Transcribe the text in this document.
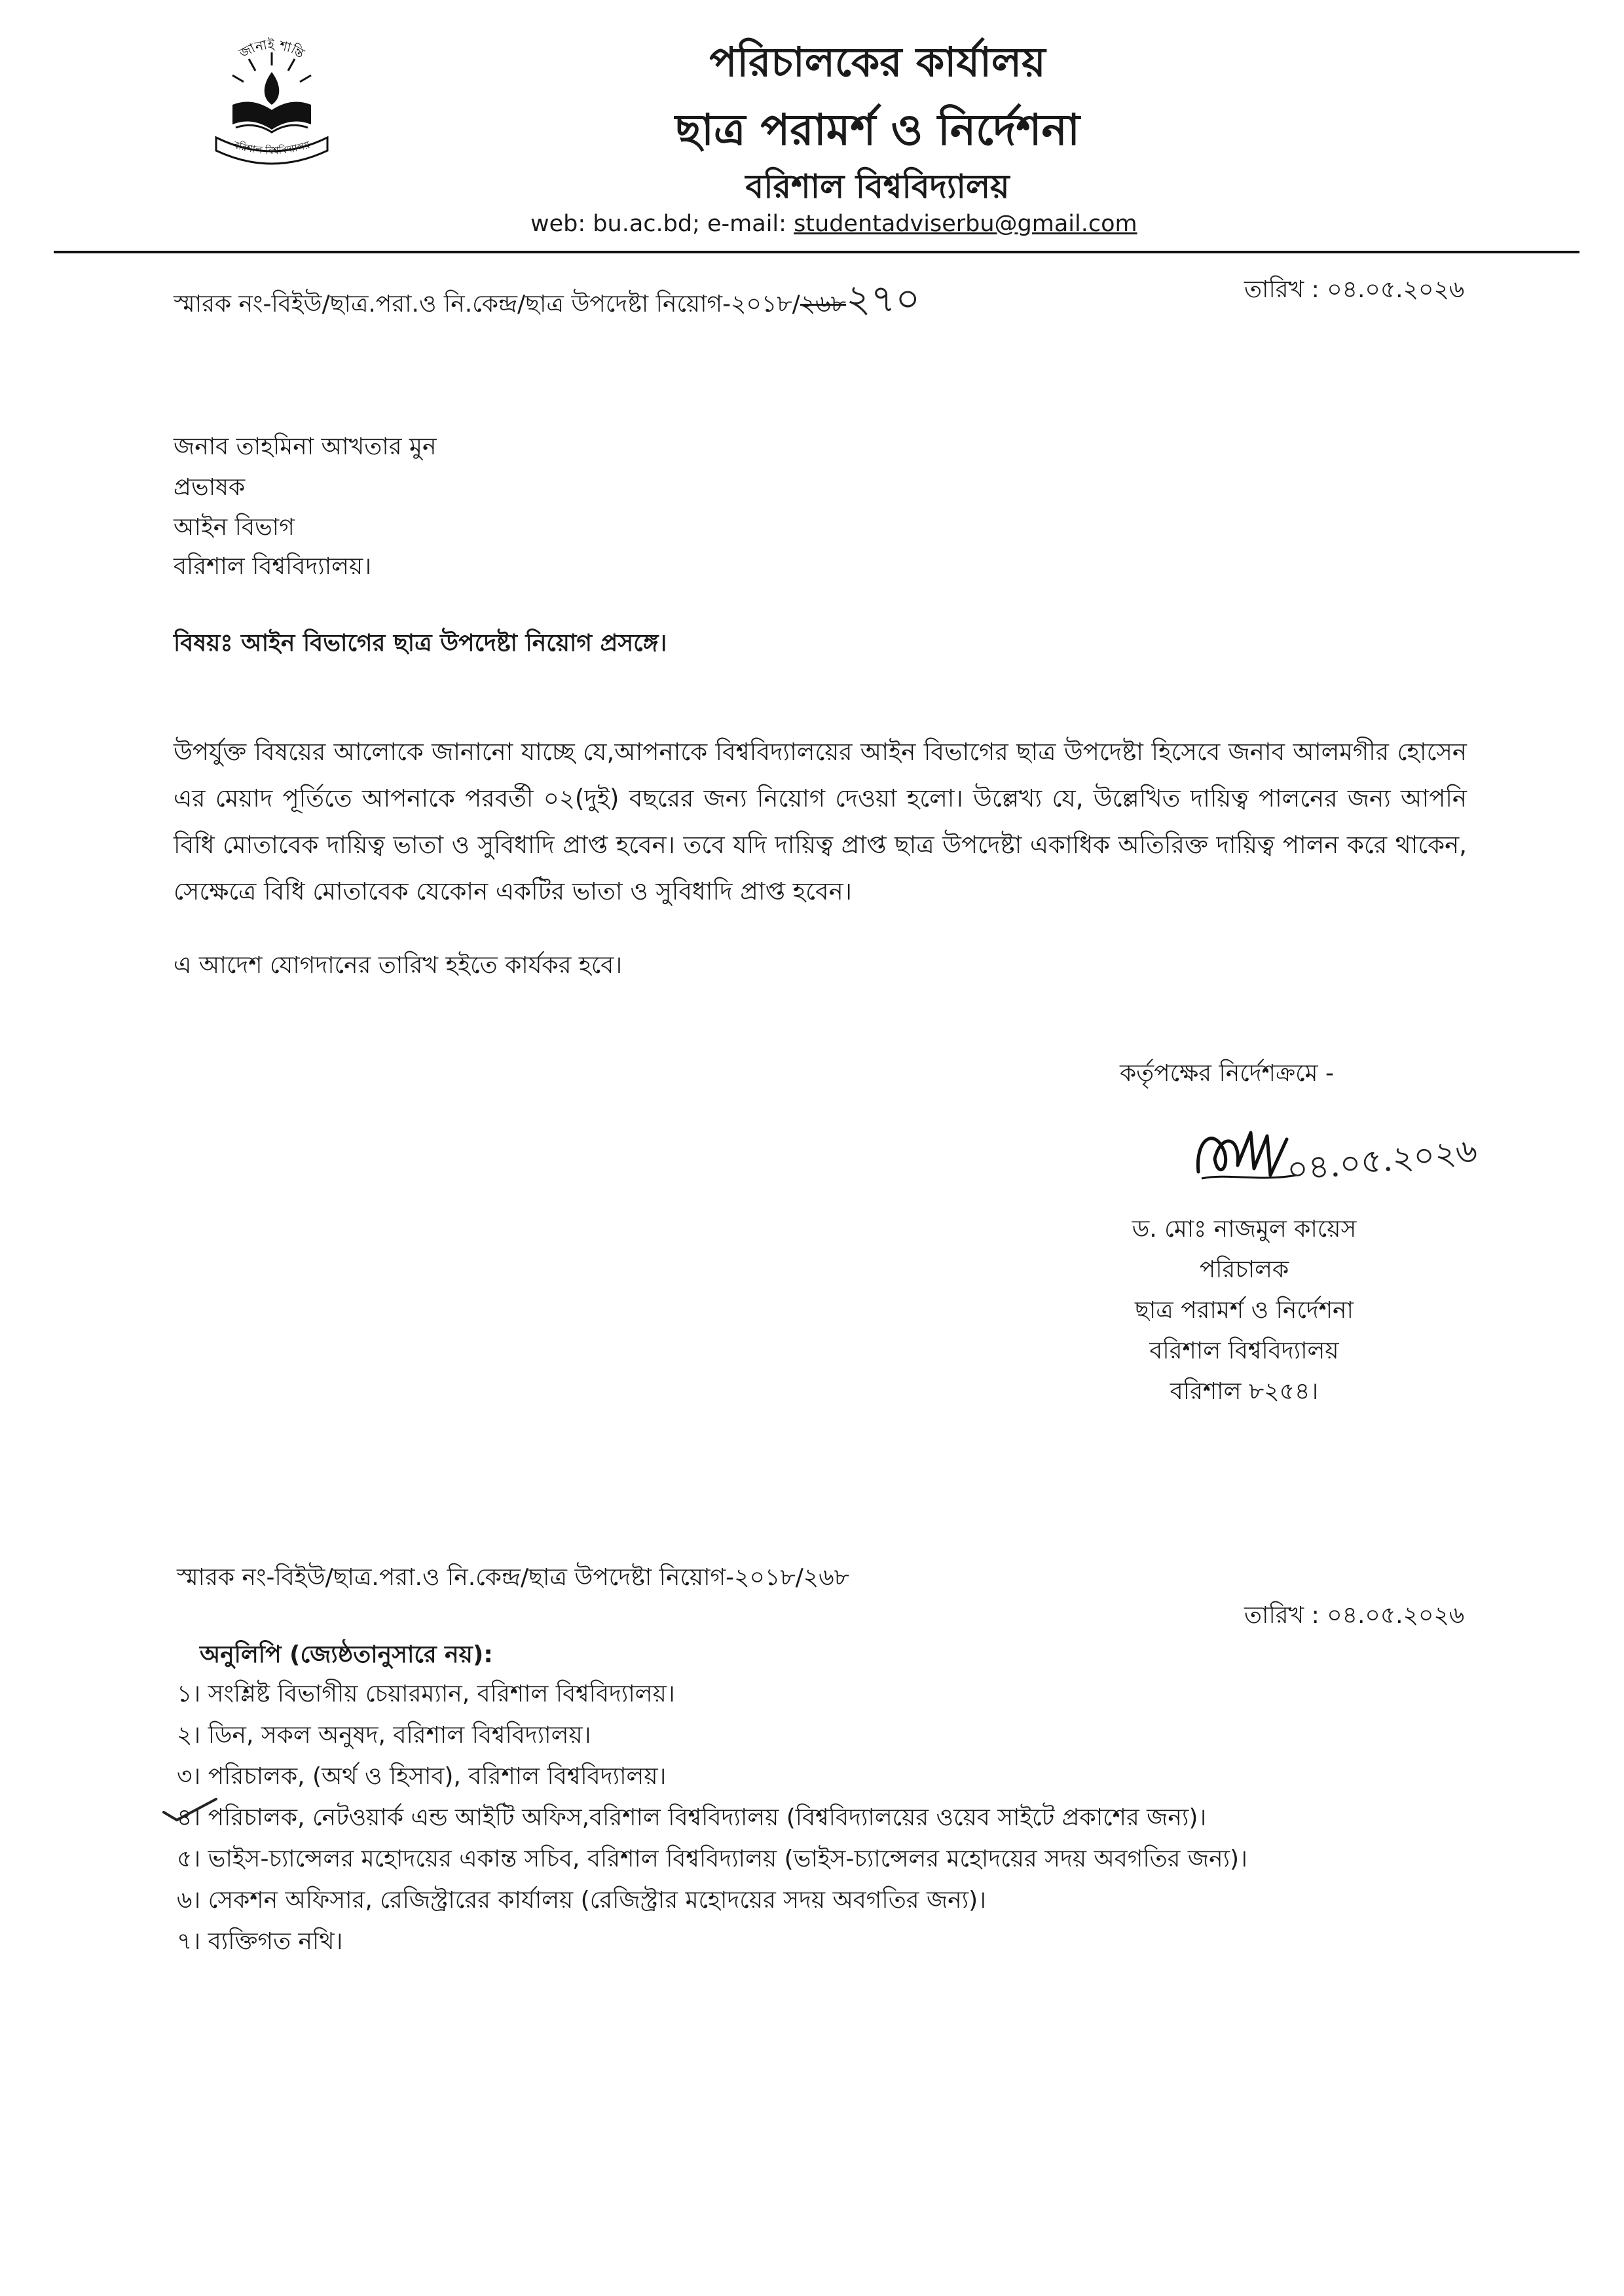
জানাই শান্তি
বরিশাল বিশ্ববিদ্যালয়
পরিচালকের কার্যালয়
ছাত্র পরামর্শ ও নির্দেশনা
বরিশাল বিশ্ববিদ্যালয়
web: bu.ac.bd; e-mail: studentadviserbu@gmail.com
স্মারক নং-বিইউ/ছাত্র.পরা.ও নি.কেন্দ্র/ছাত্র উপদেষ্টা নিয়োগ-২০১৮/২৬৮২৭০	তারিখ : ০৪.০৫.২০২৬
জনাব তাহমিনা আখতার মুন
প্রভাষক
আইন বিভাগ
বরিশাল বিশ্ববিদ্যালয়।
বিষয়ঃ আইন বিভাগের ছাত্র উপদেষ্টা নিয়োগ প্রসঙ্গে।
উপর্যুক্ত বিষয়ের আলোকে জানানো যাচ্ছে যে,আপনাকে বিশ্ববিদ্যালয়ের আইন বিভাগের ছাত্র উপদেষ্টা হিসেবে জনাব আলমগীর হোসেন এর মেয়াদ পূর্তিতে আপনাকে পরবর্তী ০২(দুই) বছরের জন্য নিয়োগ দেওয়া হলো। উল্লেখ্য যে, উল্লেখিত দায়িত্ব পালনের জন্য আপনি বিধি মোতাবেক দায়িত্ব ভাতা ও সুবিধাদি প্রাপ্ত হবেন। তবে যদি দায়িত্ব প্রাপ্ত ছাত্র উপদেষ্টা একাধিক অতিরিক্ত দায়িত্ব পালন করে থাকেন, সেক্ষেত্রে বিধি মোতাবেক যেকোন একটির ভাতা ও সুবিধাদি প্রাপ্ত হবেন।
এ আদেশ যোগদানের তারিখ হইতে কার্যকর হবে।
কর্তৃপক্ষের নির্দেশক্রমে -
০৪.০৫.২০২৬
ড. মোঃ নাজমুল কায়েস
পরিচালক
ছাত্র পরামর্শ ও নির্দেশনা
বরিশাল বিশ্ববিদ্যালয়
বরিশাল ৮২৫৪।
স্মারক নং-বিইউ/ছাত্র.পরা.ও নি.কেন্দ্র/ছাত্র উপদেষ্টা নিয়োগ-২০১৮/২৬৮
তারিখ : ০৪.০৫.২০২৬
অনুলিপি (জ্যেষ্ঠতানুসারে নয়):
১। সংশ্লিষ্ট বিভাগীয় চেয়ারম্যান, বরিশাল বিশ্ববিদ্যালয়।
২। ডিন, সকল অনুষদ, বরিশাল বিশ্ববিদ্যালয়।
৩। পরিচালক, (অর্থ ও হিসাব), বরিশাল বিশ্ববিদ্যালয়।
৪। পরিচালক, নেটওয়ার্ক এন্ড আইটি অফিস,বরিশাল বিশ্ববিদ্যালয় (বিশ্ববিদ্যালয়ের ওয়েব সাইটে প্রকাশের জন্য)।
৫। ভাইস-চ্যান্সেলর মহোদয়ের একান্ত সচিব, বরিশাল বিশ্ববিদ্যালয় (ভাইস-চ্যান্সেলর মহোদয়ের সদয় অবগতির জন্য)।
৬। সেকশন অফিসার, রেজিস্ট্রারের কার্যালয় (রেজিস্ট্রার মহোদয়ের সদয় অবগতির জন্য)।
৭। ব্যক্তিগত নথি।
